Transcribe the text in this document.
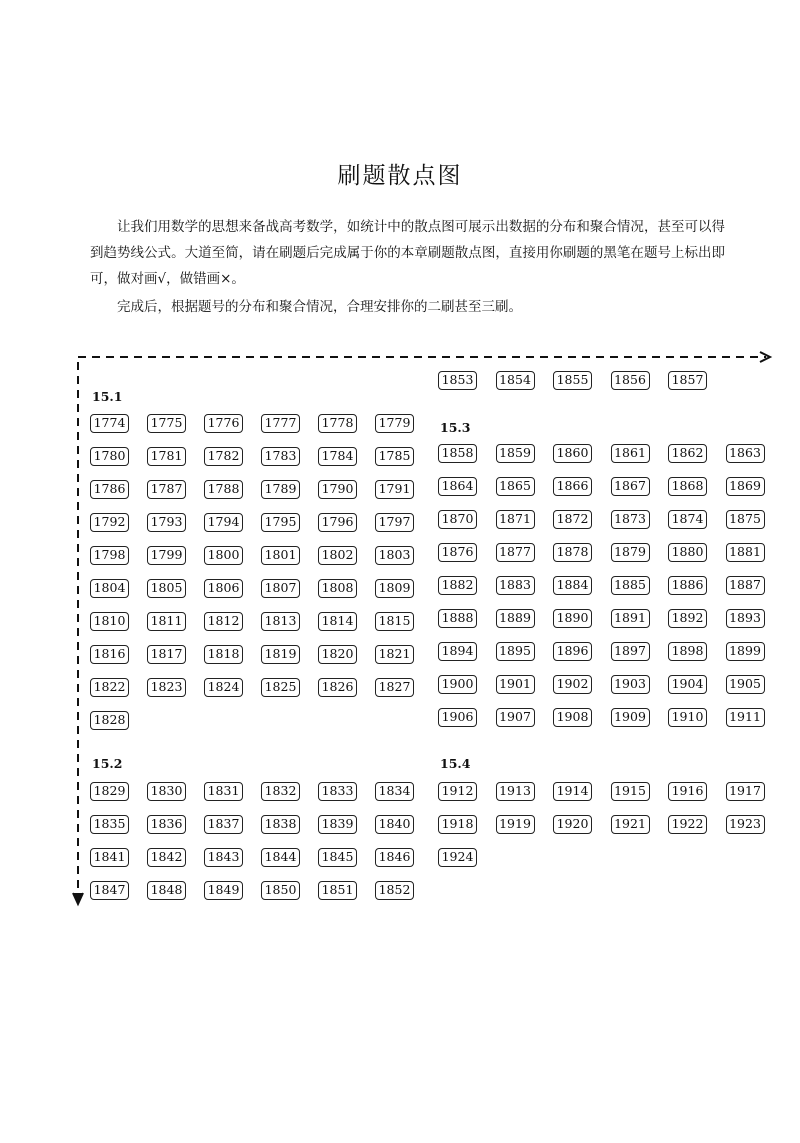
刷题散点图

让我们用数学的思想来备战高考数学，如统计中的散点图可展示出数据的分布和聚合情况，甚至可以得到趋势线公式。大道至简，请在刷题后完成属于你的本章刷题散点图，直接用你刷题的黑笔在题号上标出即可，做对画√，做错画×。

完成后，根据题号的分布和聚合情况，合理安排你的二刷甚至三刷。

15.1
15.2
15.3
15.4
1774 1775 1776 1777 1778 1779
1780 1781 1782 1783 1784 1785
1786 1787 1788 1789 1790 1791
1792 1793 1794 1795 1796 1797
1798 1799 1800 1801 1802 1803
1804 1805 1806 1807 1808 1809
1810 1811 1812 1813 1814 1815
1816 1817 1818 1819 1820 1821
1822 1823 1824 1825 1826 1827
1828
1829 1830 1831 1832 1833 1834
1835 1836 1837 1838 1839 1840
1841 1842 1843 1844 1845 1846
1847 1848 1849 1850 1851 1852
1858 1859 1860 1861 1862 1863
1864 1865 1866 1867 1868 1869
1870 1871 1872 1873 1874 1875
1876 1877 1878 1879 1880 1881
1882 1883 1884 1885 1886 1887
1888 1889 1890 1891 1892 1893
1894 1895 1896 1897 1898 1899
1900 1901 1902 1903 1904 1905
1906 1907 1908 1909 1910 1911
1912 1913 1914 1915 1916 1917
1918 1919 1920 1921 1922 1923
1924
1853 1854 1855 1856 1857
